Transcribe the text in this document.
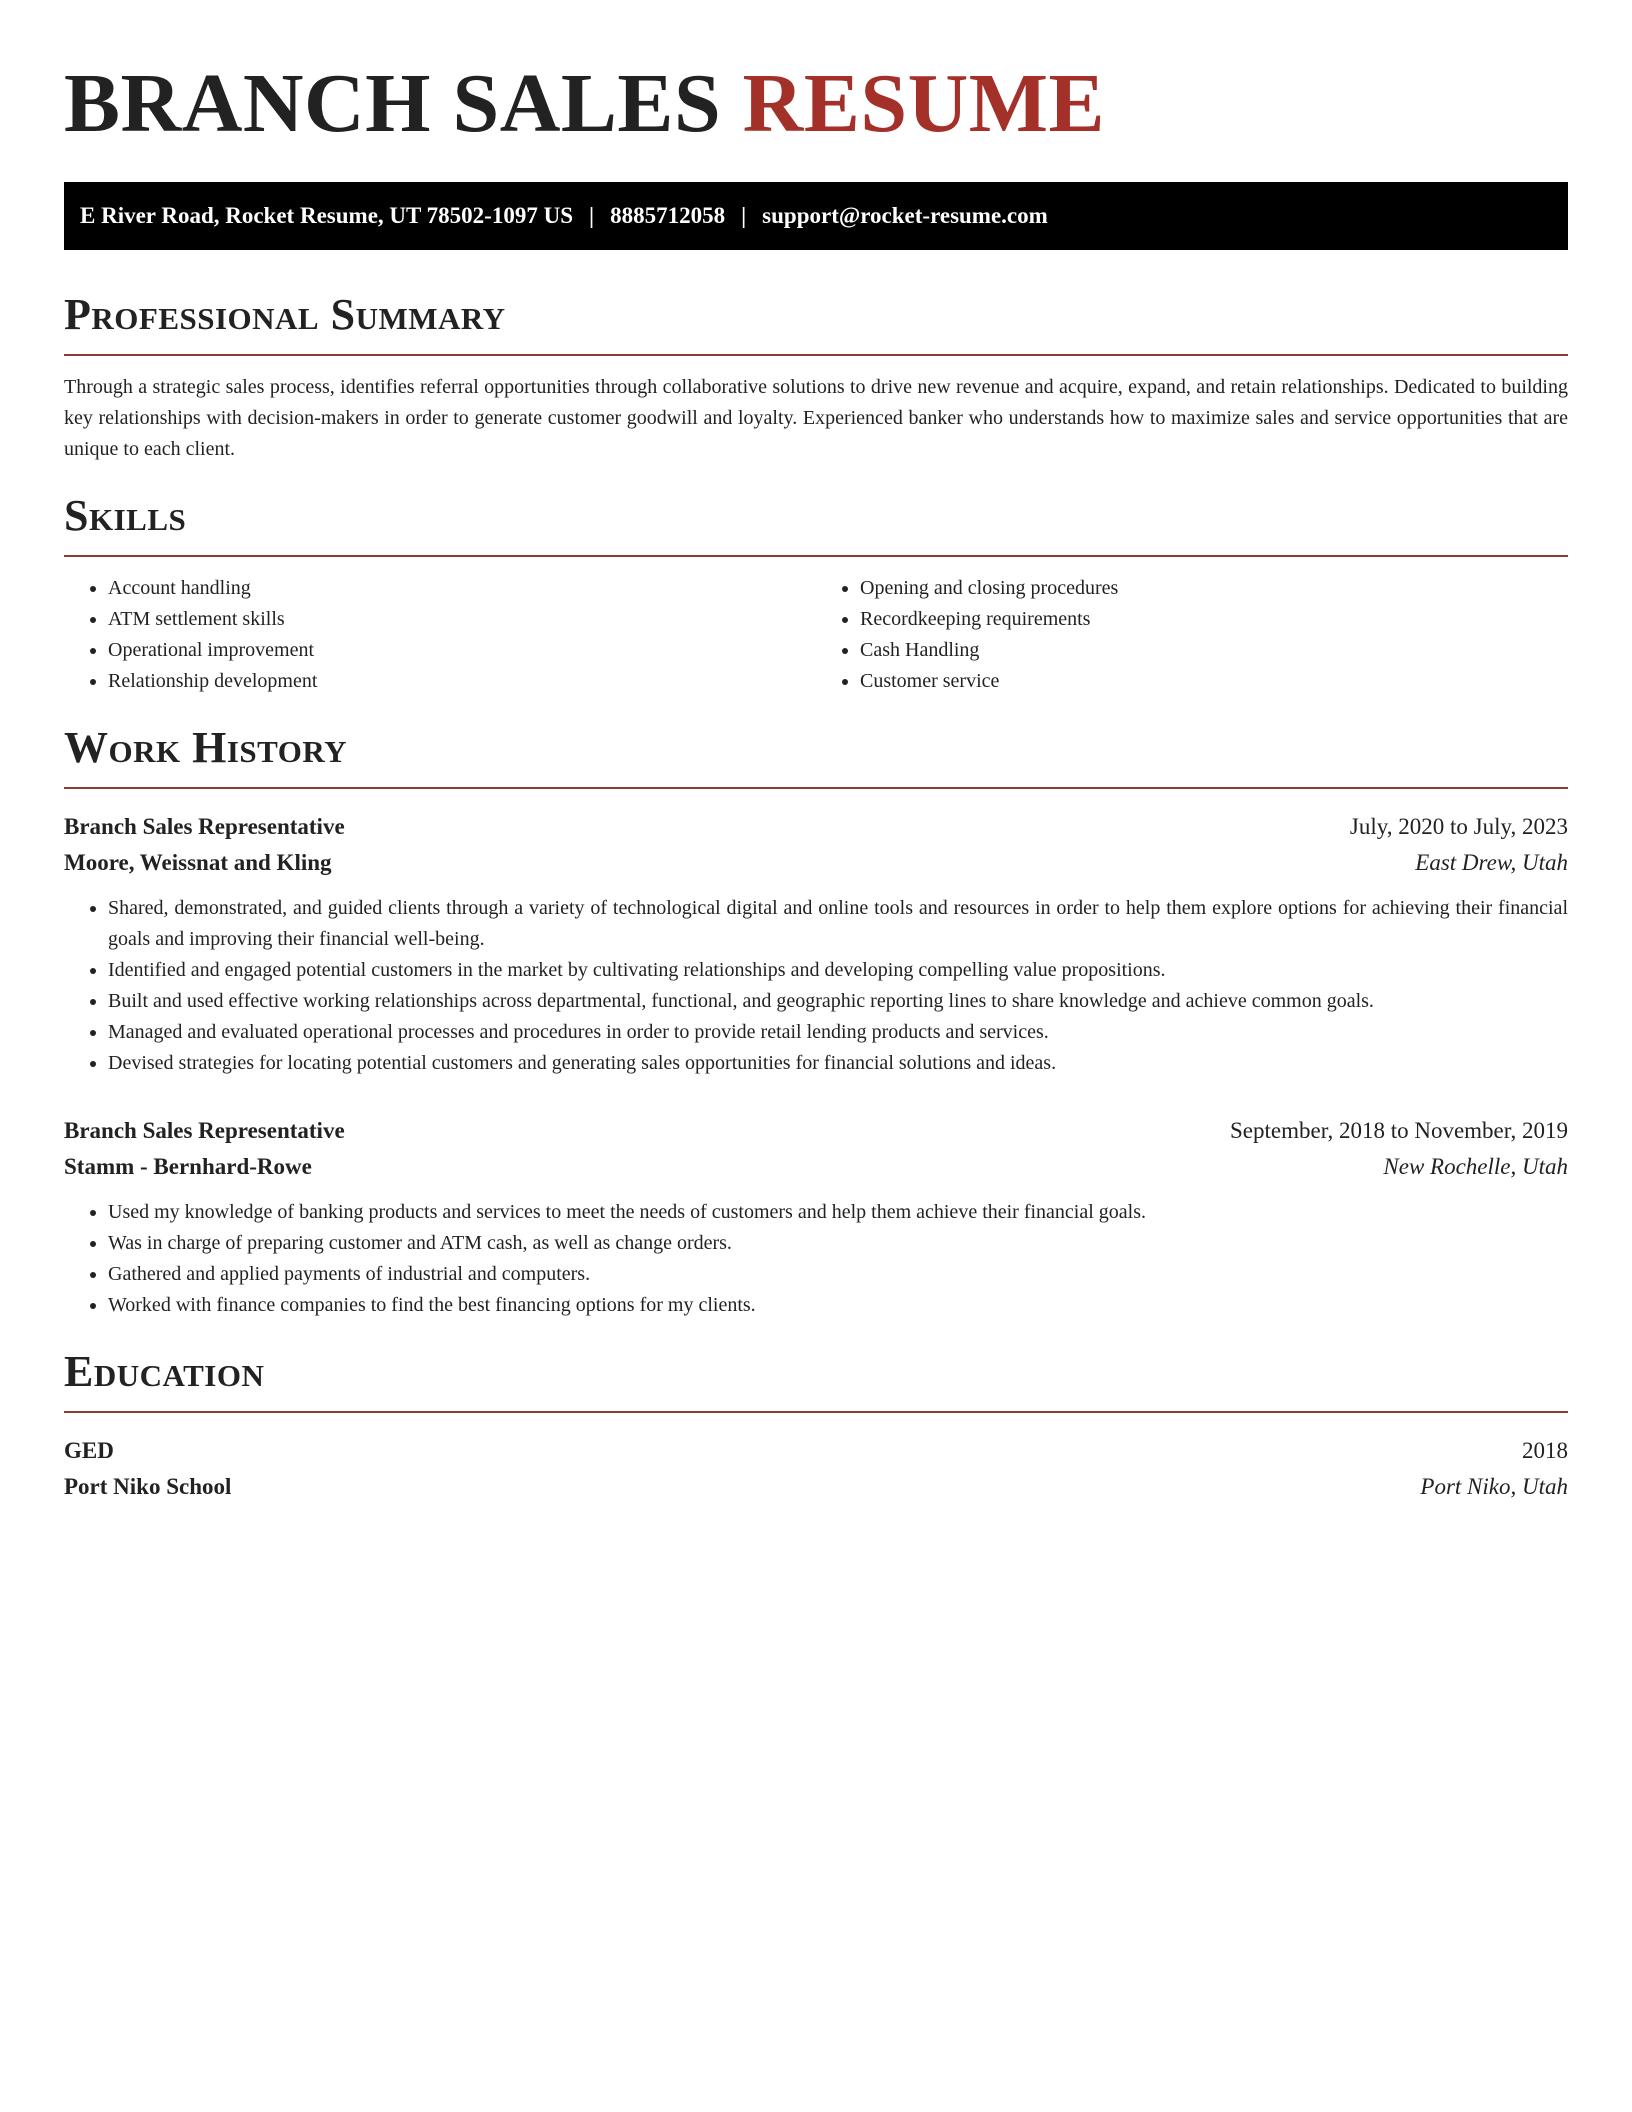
BRANCH SALES RESUME
E River Road, Rocket Resume, UT 78502-1097 US | 8885712058 | support@rocket-resume.com
Professional Summary

Through a strategic sales process, identifies referral opportunities through collaborative solutions to drive new revenue and acquire, expand, and retain relationships. Dedicated to building key relationships with decision-makers in order to generate customer goodwill and loyalty. Experienced banker who understands how to maximize sales and service opportunities that are unique to each client.

Skills
• Account handling
• ATM settlement skills
• Operational improvement
• Relationship development
• Opening and closing procedures
• Recordkeeping requirements
• Cash Handling
• Customer service
Work History
Branch Sales Representative	July, 2020 to July, 2023
Moore, Weissnat and Kling	East Drew, Utah
• Shared, demonstrated, and guided clients through a variety of technological digital and online tools and resources in order to help them explore options for achieving their financial goals and improving their financial well-being.
• Identified and engaged potential customers in the market by cultivating relationships and developing compelling value propositions.
• Built and used effective working relationships across departmental, functional, and geographic reporting lines to share knowledge and achieve common goals.
• Managed and evaluated operational processes and procedures in order to provide retail lending products and services.
• Devised strategies for locating potential customers and generating sales opportunities for financial solutions and ideas.
Branch Sales Representative	September, 2018 to November, 2019
Stamm - Bernhard-Rowe	New Rochelle, Utah
• Used my knowledge of banking products and services to meet the needs of customers and help them achieve their financial goals.
• Was in charge of preparing customer and ATM cash, as well as change orders.
• Gathered and applied payments of industrial and computers.
• Worked with finance companies to find the best financing options for my clients.
Education
GED	2018
Port Niko School	Port Niko, Utah
